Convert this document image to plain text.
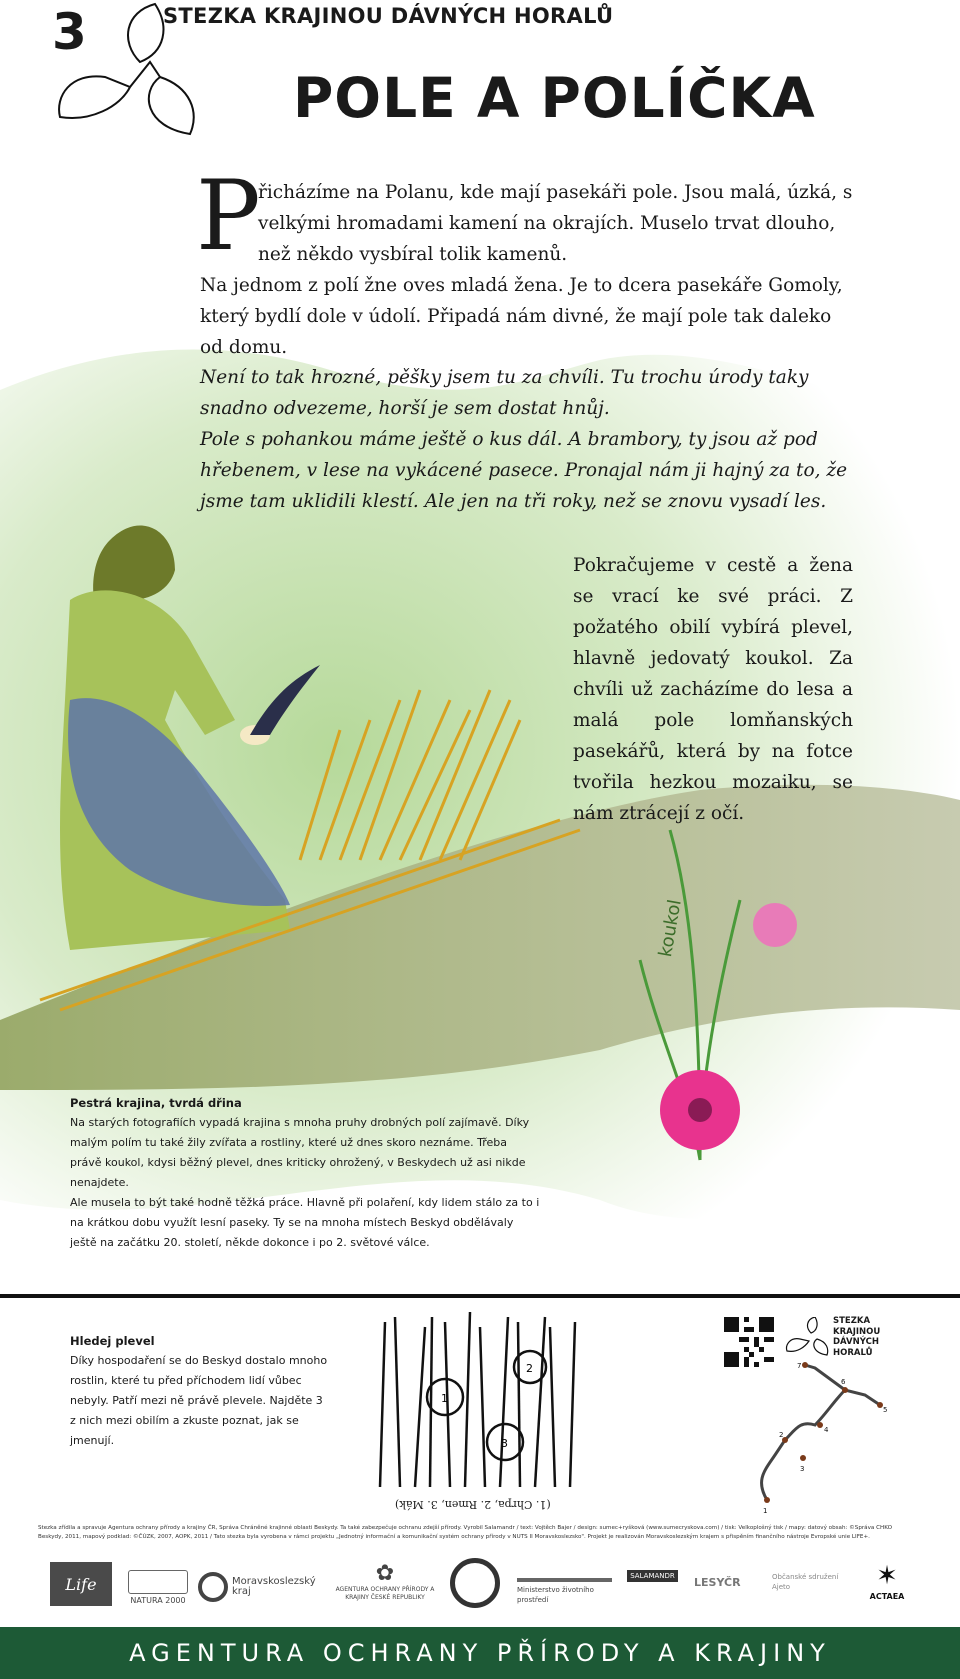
3	STEZKA KRAJINOU DÁVNÝCH HORALŮ
POLE A POLÍČKA
P
řicházíme na Polanu, kde mají pasekáři pole. Jsou malá, úzká, s velkými hromadami kamení na okrajích. Muselo trvat dlouho, než někdo vysbíral tolik kamenů.
Na jednom z polí žne oves mladá žena. Je to dcera pasekáře Gomoly, který bydlí dole v údolí. Připadá nám divné, že mají pole tak daleko od domu.
Není to tak hrozné, pěšky jsem tu za chvíli. Tu trochu úrody taky snadno odvezeme, horší je sem dostat hnůj.
Pole s pohankou máme ještě o kus dál. A brambory, ty jsou až pod hřebenem, v lese na vykácené pasece. Pronajal nám ji hajný za to, že jsme tam uklidili klestí. Ale jen na tři roky, než se znovu vysadí les.
Pokračujeme v cestě a žena se vrací ke své práci. Z požatého obilí vybírá plevel, hlavně jedovatý koukol. Za chvíli už zacházíme do lesa a malá pole lomňanských pasekářů, která by na fotce tvořila hezkou mozaiku, se nám ztrácejí z očí.
koukol
Pestrá krajina, tvrdá dřina
Na starých fotografiích vypadá krajina s mnoha pruhy drobných polí zajímavě. Díky malým polím tu také žily zvířata a rostliny, které už dnes skoro neznáme. Třeba právě koukol, kdysi běžný plevel, dnes kriticky ohrožený, v Beskydech už asi nikde nenajdete.
Ale musela to být také hodně těžká práce. Hlavně při polaření, kdy lidem stálo za to i na krátkou dobu využít lesní paseky. Ty se na mnoha místech Beskyd obdělávaly ještě na začátku 20. století, někde dokonce i po 2. světové válce.
Hledej plevel
Díky hospodaření se do Beskyd dostalo mnoho rostlin, které tu před příchodem lidí vůbec nebyly. Patří mezi ně právě plevele. Najděte 3 z nich mezi obilím a zkuste poznat, jak se jmenují.
1
2
3
(1. Chrpa, 2. Rmen, 3. Mák)
STEZKA
KRAJINOU
DÁVNÝCH
HORALŮ
1
2
3
4
5
6
7
Stezka zřídila a spravuje Agentura ochrany přírody a krajiny ČR, Správa Chráněné krajinné oblasti Beskydy. Ta také zabezpečuje ochranu zdejší přírody. Vyrobil Salamandr / text: Vojtěch Bajer / design: sumec+ryšková (www.sumecryskova.com) / tisk: Velkoplošný tisk / mapy: datový obsah: ©Správa CHKO Beskydy, 2011, mapový podklad: ©ČÚZK, 2007, AOPK, 2011 / Tato stezka byla vyrobena v rámci projektu „Jednotný informační a komunikační systém ochrany přírody v NUTS II Moravskoslezsko". Projekt je realizován Moravskoslezským krajem s přispěním finančního nástroje Evropské unie LIFE+.
Life
NATURA 2000
Moravskoslezský kraj
✿
AGENTURA OCHRANY PŘÍRODY A KRAJINY ČESKÉ REPUBLIKY
Ministerstvo životního prostředí
SALAMANDR LESYČR	Občanské sdružení Ajeto	✶
ACTAEA
AGENTURA OCHRANY PŘÍRODY A KRAJINY
